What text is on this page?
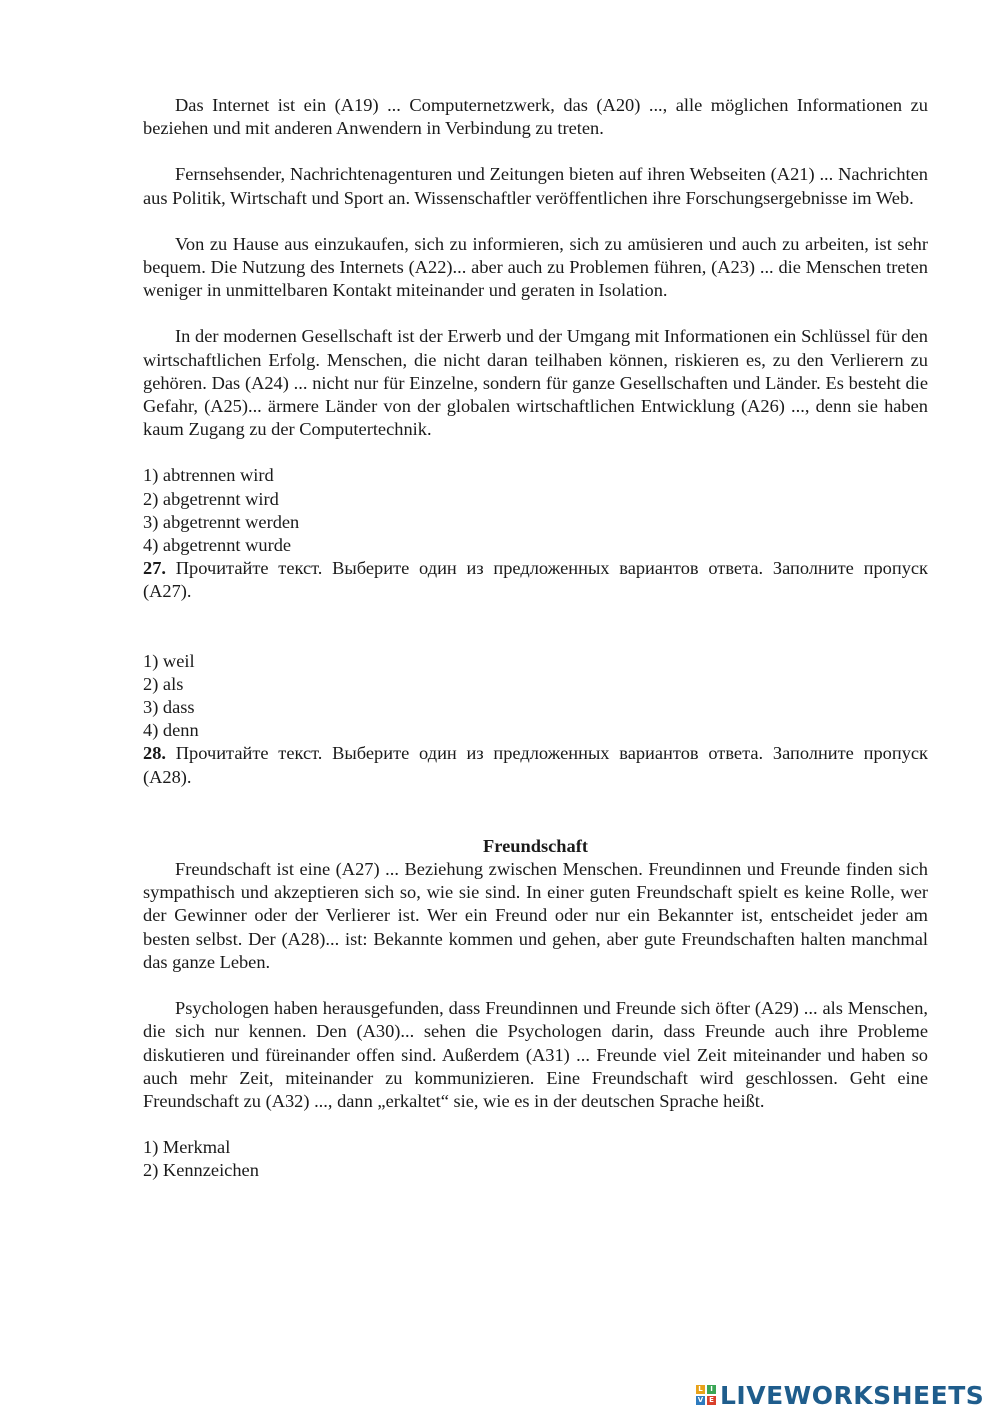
Das Internet ist ein (A19) ... Computernetzwerk, das (A20) ..., alle möglichen Informationen zu beziehen und mit anderen Anwendern in Verbindung zu treten.

Fernsehsender, Nachrichtenagenturen und Zeitungen bieten auf ihren Webseiten (A21) ... Nachrichten aus Politik, Wirtschaft und Sport an. Wissenschaftler veröffentlichen ihre Forschungsergebnisse im Web.

Von zu Hause aus einzukaufen, sich zu informieren, sich zu amüsieren und auch zu arbeiten, ist sehr bequem. Die Nutzung des Internets (A22)... aber auch zu Problemen führen, (A23) ... die Menschen treten weniger in unmittelbaren Kontakt miteinander und geraten in Isolation.

In der modernen Gesellschaft ist der Erwerb und der Umgang mit Informationen ein Schlüssel für den wirtschaftlichen Erfolg. Menschen, die nicht daran teilhaben können, riskieren es, zu den Verlierern zu gehören. Das (A24) ... nicht nur für Einzelne, sondern für ganze Gesellschaften und Länder. Es besteht die Gefahr, (A25)... ärmere Länder von der globalen wirtschaftlichen Entwicklung (A26) ..., denn sie haben kaum Zugang zu der Computertechnik.

1) abtrennen wird
2) abgetrennt wird
3) abgetrennt werden
4) abgetrennt wurde

27. Прочитайте текст. Выберите один из предложенных вариантов ответа. Заполните пропуск (A27).

1) weil
2) als
3) dass
4) denn

28. Прочитайте текст. Выберите один из предложенных вариантов ответа. Заполните пропуск (A28).

Freundschaft

Freundschaft ist eine (A27) ... Beziehung zwischen Menschen. Freundinnen und Freunde finden sich sympathisch und akzeptieren sich so, wie sie sind. In einer guten Freundschaft spielt es keine Rolle, wer der Gewinner oder der Verlierer ist. Wer ein Freund oder nur ein Bekannter ist, entscheidet jeder am besten selbst. Der (A28)... ist: Bekannte kommen und gehen, aber gute Freundschaften halten manchmal das ganze Leben.

Psychologen haben herausgefunden, dass Freundinnen und Freunde sich öfter (A29) ... als Menschen, die sich nur kennen. Den (A30)... sehen die Psychologen darin, dass Freunde auch ihre Probleme diskutieren und füreinander offen sind. Außerdem (A31) ... Freunde viel Zeit miteinander und haben so auch mehr Zeit, miteinander zu kommunizieren. Eine Freundschaft wird geschlossen. Geht eine Freundschaft zu (A32) ..., dann „erkaltet“ sie, wie es in der deutschen Sprache heißt.

1) Merkmal
2) Kennzeichen
L	I
V E LIVEWORKSHEETS
